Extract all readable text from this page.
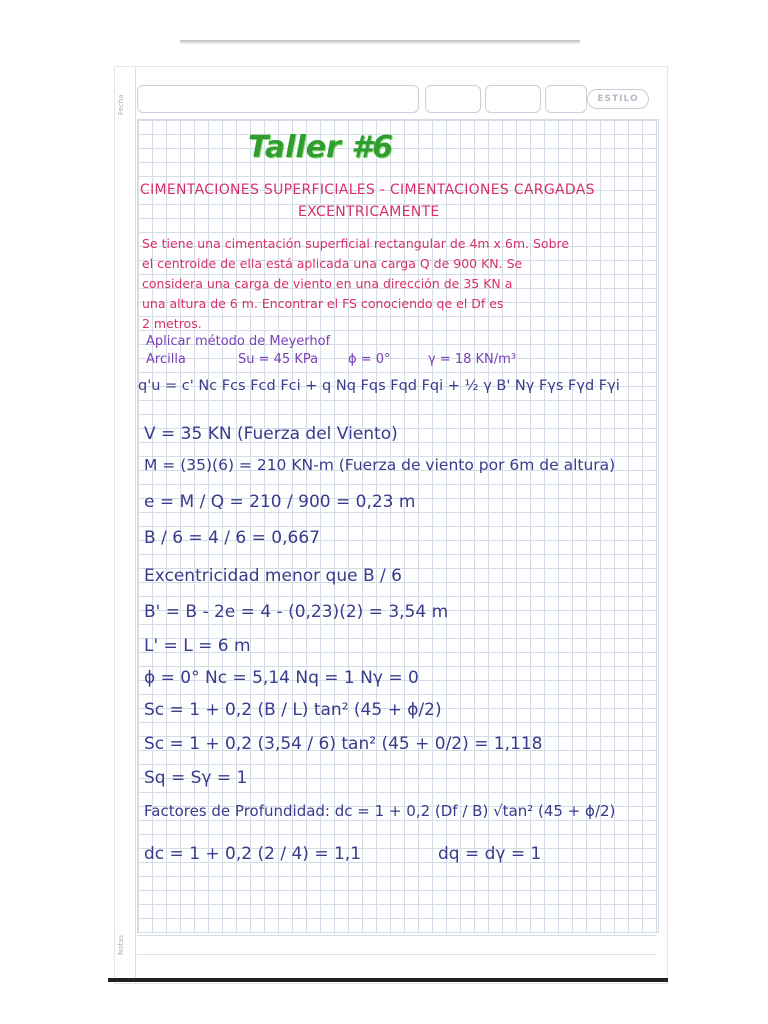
Fecha
Notas
ESTILO
Taller #6
CIMENTACIONES SUPERFICIALES - CIMENTACIONES CARGADAS
EXCENTRICAMENTE
Se tiene una cimentación superficial rectangular de 4m x 6m. Sobre
el centroide de ella está aplicada una carga Q de 900 KN. Se
considera una carga de viento en una dirección de 35 KN a
una altura de 6 m. Encontrar el FS conociendo qe el Df es
2 metros.
Aplicar método de Meyerhof
Arcilla	Su = 45 KPa ϕ = 0°	γ = 18 KN/m³
q'u = c' Nc Fcs Fcd Fci + q Nq Fqs Fqd Fqi + ½ γ B' Nγ Fγs Fγd Fγi
V = 35 KN (Fuerza del Viento)
M = (35)(6) = 210 KN-m (Fuerza de viento por 6m de altura)
e = M / Q = 210 / 900 = 0,23 m
B / 6 = 4 / 6 = 0,667
Excentricidad menor que B / 6
B' = B - 2e = 4 - (0,23)(2) = 3,54 m
L' = L = 6 m
ϕ = 0° Nc = 5,14 Nq = 1 Nγ = 0
Sc = 1 + 0,2 (B / L) tan² (45 + ϕ/2)
Sc = 1 + 0,2 (3,54 / 6) tan² (45 + 0/2) = 1,118
Sq = Sγ = 1
Factores de Profundidad: dc = 1 + 0,2 (Df / B) √tan² (45 + ϕ/2)
dc = 1 + 0,2 (2 / 4) = 1,1	dq = dγ = 1
